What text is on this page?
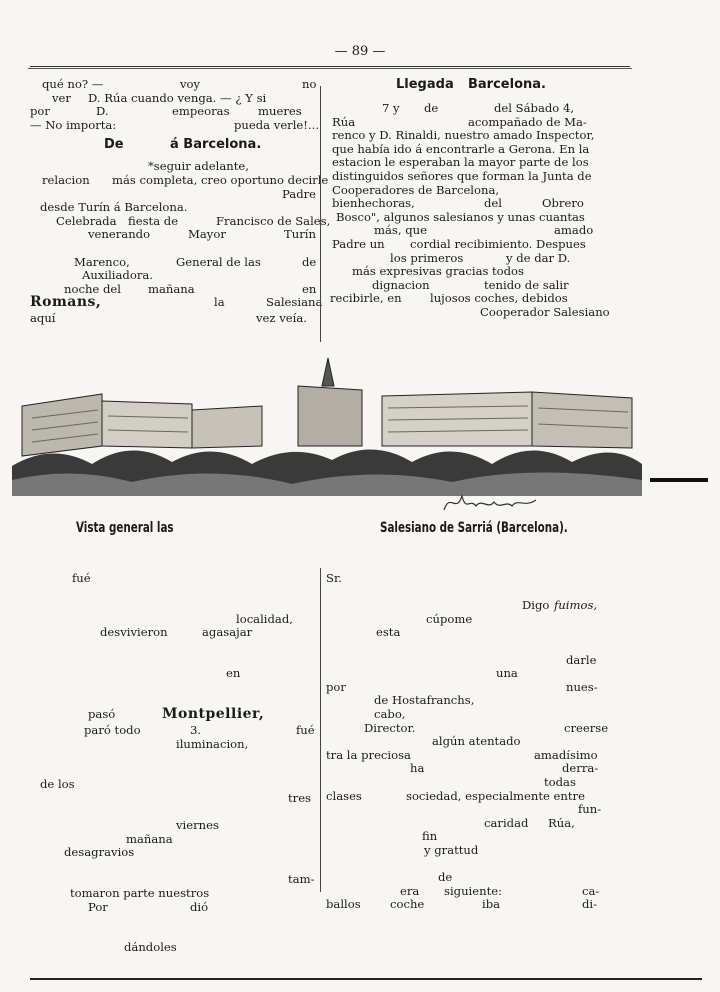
— 89 —
qué no? —	voy	no
ver D. Rúa cuando venga. — ¿ Y si
por	D.	empeoras mueres
— No importa:	pueda verle!...
De	á Barcelona.
*seguir adelante,
relacion más completa, creo oportuno decirle
Padre
desde Turín á Barcelona.
Celebrada fiesta de	Francisco de Sales,
venerando	Mayor	Turín
Marenco,	General de las	de
Auxiliadora.
noche del mañana	en
Romans,	la	Salesiana
aquí	vez veía.
Llegada Barcelona.
7 y de	del Sábado 4,
Rúa	acompañado de Ma-
renco y D. Rinaldi, nuestro amado Inspector,
que había ido á encontrarle a Gerona. En la
estacion le esperaban la mayor parte de los
distinguidos señores que forman la Junta de
Cooperadores de Barcelona,
bienhechoras,	del	Obrero
Bosco", algunos salesianos y unas cuantas
más, que	amado
Padre un cordial recibimiento. Despues
los primeros	y de dar D.
más expresivas gracias todos
dignacion	tenido de salir
recibirle, en lujosos coches, debidos
Cooperador Salesiano
Vista general las	Salesiano de Sarriá (Barcelona).
fué
localidad,
desvivieron	agasajar
en
pasó	Montpellier,
paró todo	3.	fué
iluminacion,
de los
tres
viernes
mañana
desagravios
tam-
tomaron parte nuestros
Por	dió
dándoles
Sr.
Digo fuimos,
cúpome
esta
darle
una
por	nues-
de Hostafranchs,
cabo,
Director.	creerse
algún atentado
tra la preciosa	amadísimo
ha	derra-
todas
clases	sociedad, especialmente entre
fun-
caridad Rúa,
fin
y grattud
de
era siguiente:	ca-
ballos	coche	iba	di-
